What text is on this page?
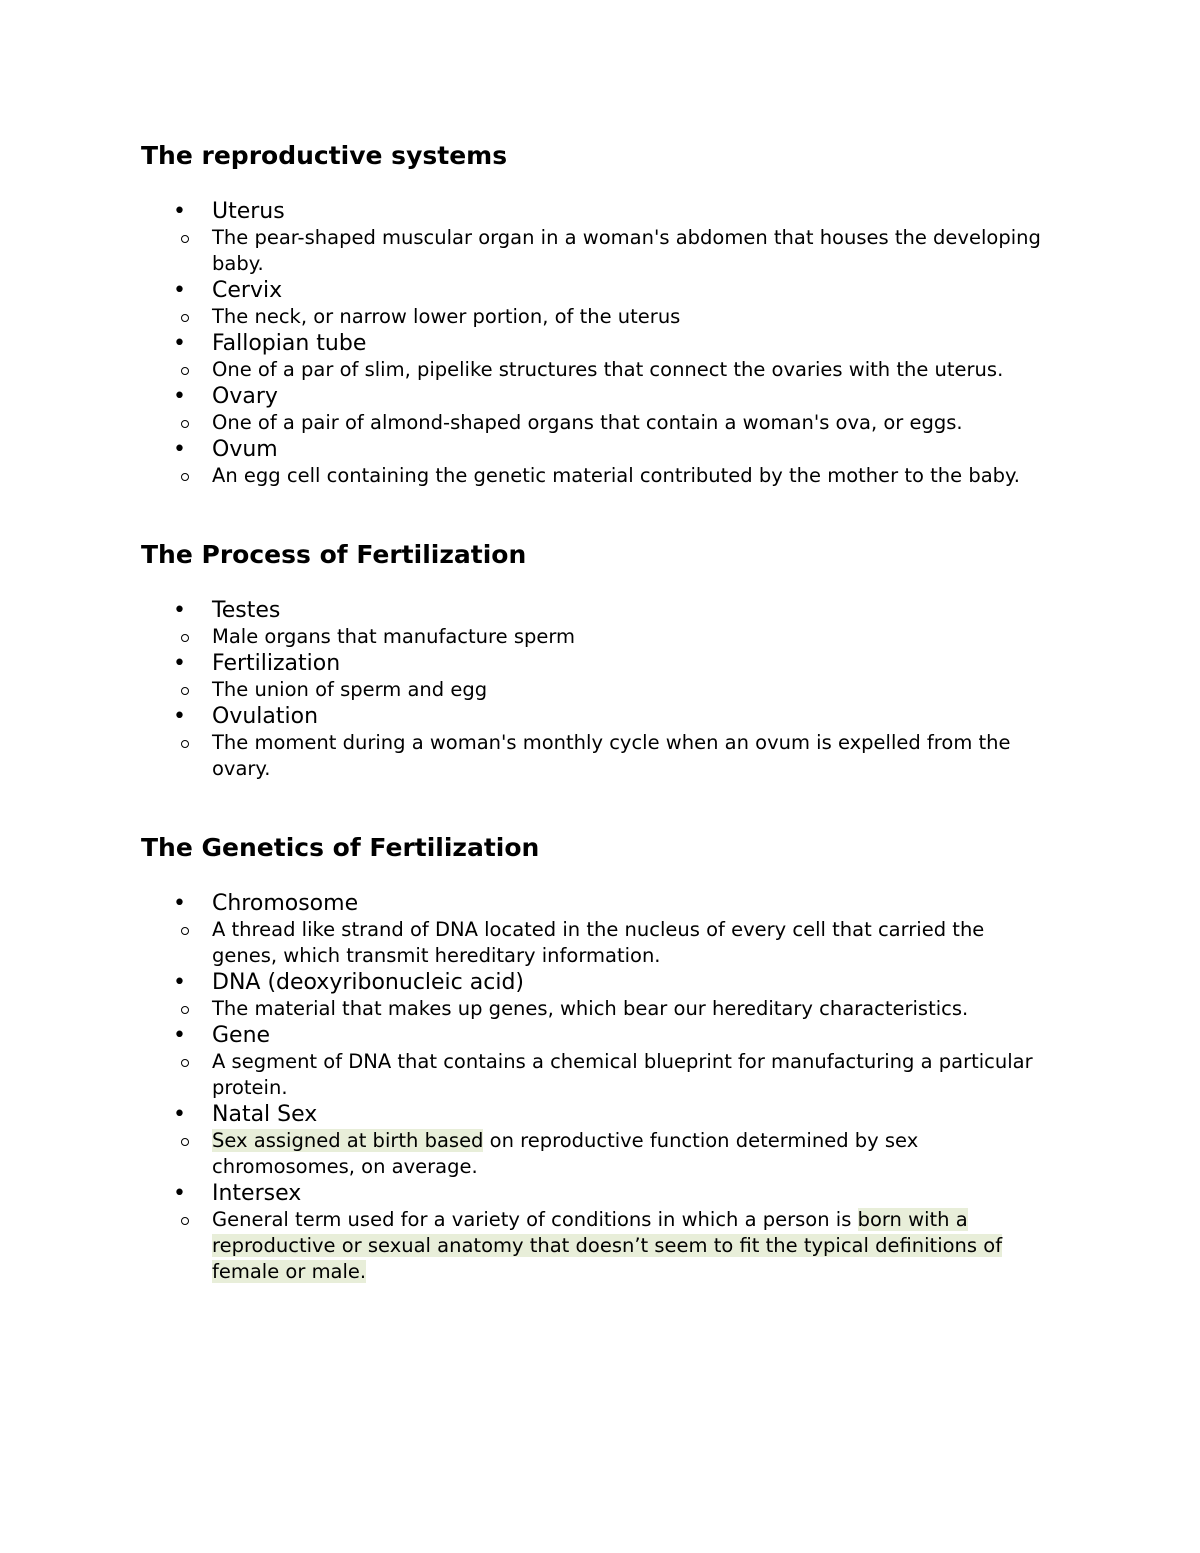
The reproductive systems
• Uterus
The pear-shaped muscular organ in a woman's abdomen that houses the developing baby.
• Cervix
The neck, or narrow lower portion, of the uterus
• Fallopian tube
One of a par of slim, pipelike structures that connect the ovaries with the uterus.
• Ovary
One of a pair of almond-shaped organs that contain a woman's ova, or eggs.
• Ovum
An egg cell containing the genetic material contributed by the mother to the baby.
The Process of Fertilization
• Testes
Male organs that manufacture sperm
• Fertilization
The union of sperm and egg
• Ovulation
The moment during a woman's monthly cycle when an ovum is expelled from the ovary.
The Genetics of Fertilization
• Chromosome
A thread like strand of DNA located in the nucleus of every cell that carried the genes, which transmit hereditary information.
• DNA (deoxyribonucleic acid)
The material that makes up genes, which bear our hereditary characteristics.
• Gene
A segment of DNA that contains a chemical blueprint for manufacturing a particular protein.
• Natal Sex
Sex assigned at birth based on reproductive function determined by sex chromosomes, on average.
• Intersex
General term used for a variety of conditions in which a person is born with a reproductive or sexual anatomy that doesn’t seem to fit the typical definitions of female or male.
